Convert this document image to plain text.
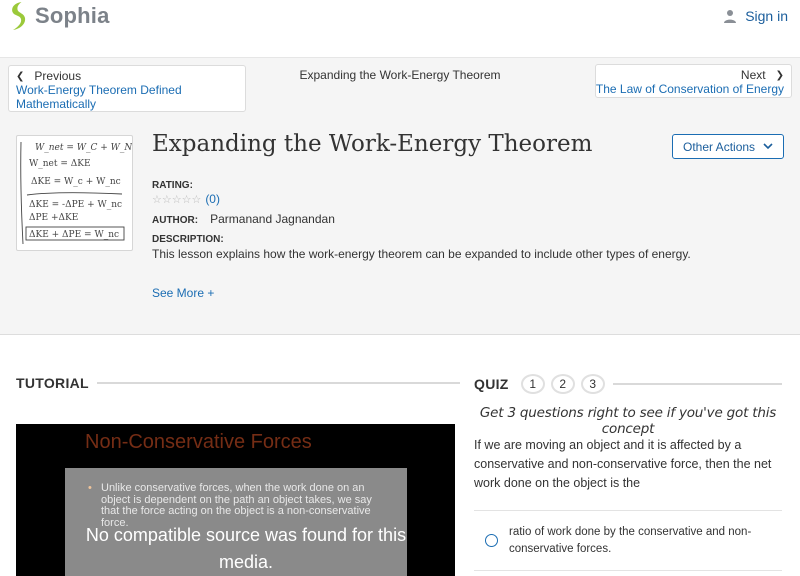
Sophia	Sign in
❮ Previous
Work-Energy Theorem Defined Mathematically
Expanding the Work-Energy Theorem	Next ❯
The Law of Conservation of Energy
W_net = W_C + W_NC
W_net = ΔKE
ΔKE = W_c + W_nc
ΔKE = -ΔPE + W_nc
ΔPE +ΔKE
ΔKE + ΔPE = W_nc
Expanding the Work-Energy Theorem	Other Actions
RATING:
☆☆☆☆☆ (0)
AUTHOR: Parmanand Jagnandan
DESCRIPTION:
This lesson explains how the work-energy theorem can be expanded to include other types of energy.
See More +
TUTORIAL
Non-Conservative Forces
• Unlike conservative forces, when the work done on an object is dependent on the path an object takes, we say that the force acting on the object is a non-conservative force.
No compatible source was found for this media.
QUIZ	1	2	3
Get 3 questions right to see if you've got this concept
If we are moving an object and it is affected by a conservative and non-conservative force, then the net work done on the object is the
ratio of work done by the conservative and non-conservative forces.
